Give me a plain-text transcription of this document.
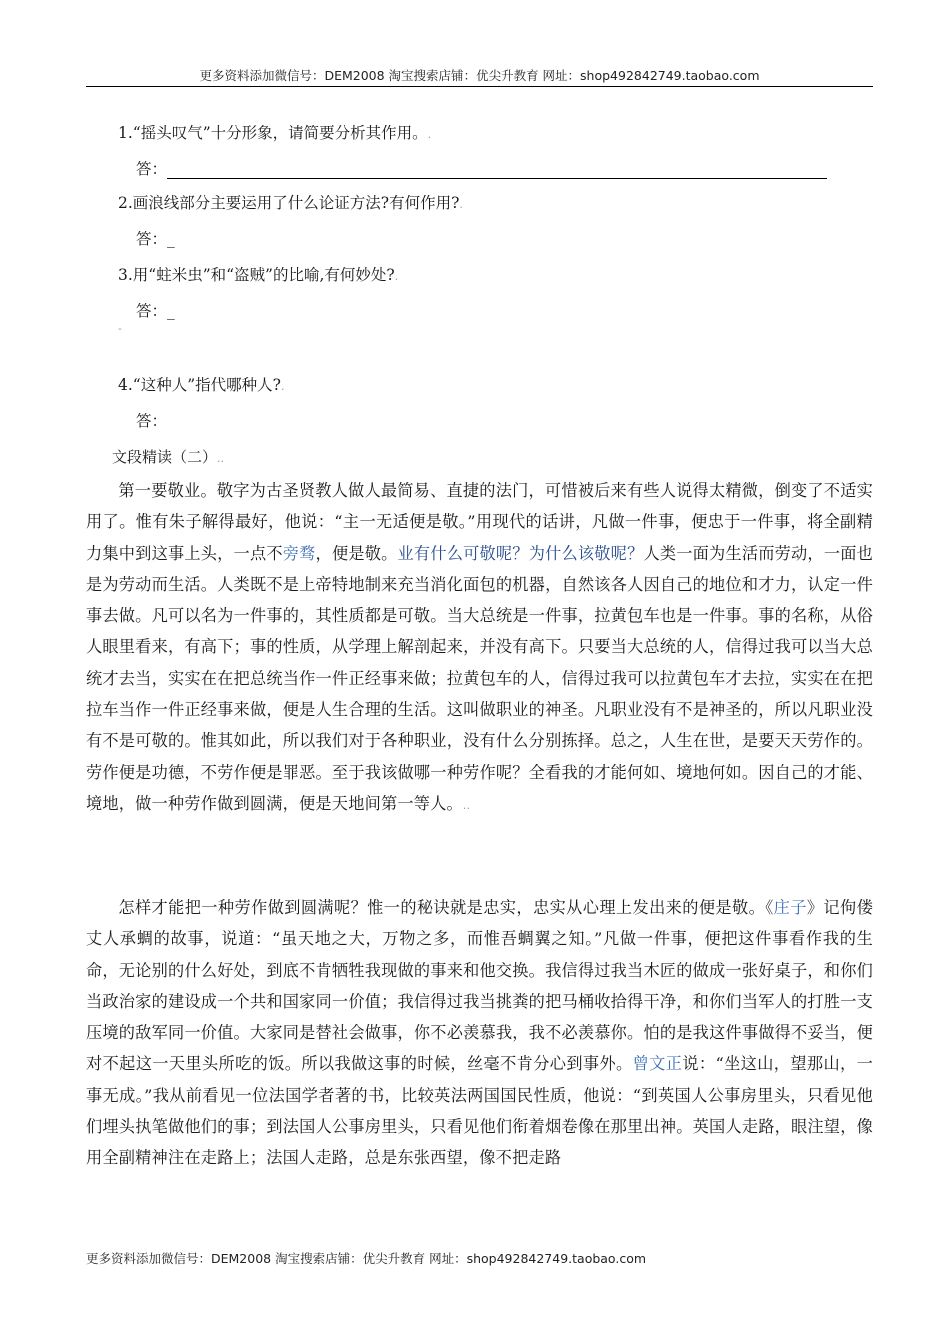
更多资料添加微信号：DEM2008 淘宝搜索店铺：优尖升教育 网址：shop492842749.taobao.com
1.“摇头叹气”十分形象，请简要分析其作用。.
答：
2.画浪线部分主要运用了什么论证方法?有何作用?.
答：_
3.用“蛀米虫”和“盗贼”的比喻,有何妙处?.
答：_
-
4.“这种人”指代哪种人?.
答：
文段精读（二）..
第一要敬业。敬字为古圣贤教人做人最简易、直捷的法门，可惜被后来有些人说得太精微，倒变了不适实用了。惟有朱子解得最好，他说：“主一无适便是敬。”用现代的话讲，凡做一件事，便忠于一件事，将全副精力集中到这事上头，一点不旁骛，便是敬。业有什么可敬呢？为什么该敬呢？人类一面为生活而劳动，一面也是为劳动而生活。人类既不是上帝特地制来充当消化面包的机器，自然该各人因自己的地位和才力，认定一件事去做。凡可以名为一件事的，其性质都是可敬。当大总统是一件事，拉黄包车也是一件事。事的名称，从俗人眼里看来，有高下；事的性质，从学理上解剖起来，并没有高下。只要当大总统的人，信得过我可以当大总统才去当，实实在在把总统当作一件正经事来做；拉黄包车的人，信得过我可以拉黄包车才去拉，实实在在把拉车当作一件正经事来做，便是人生合理的生活。这叫做职业的神圣。凡职业没有不是神圣的，所以凡职业没有不是可敬的。惟其如此，所以我们对于各种职业，没有什么分别拣择。总之，人生在世，是要天天劳作的。劳作便是功德，不劳作便是罪恶。至于我该做哪一种劳作呢？全看我的才能何如、境地何如。因自己的才能、境地，做一种劳作做到圆满，便是天地间第一等人。..
怎样才能把一种劳作做到圆满呢？惟一的秘诀就是忠实，忠实从心理上发出来的便是敬。《庄子》记佝偻丈人承蜩的故事，说道：“虽天地之大，万物之多，而惟吾蜩翼之知。”凡做一件事，便把这件事看作我的生命，无论别的什么好处，到底不肯牺牲我现做的事来和他交换。我信得过我当木匠的做成一张好桌子，和你们当政治家的建设成一个共和国家同一价值；我信得过我当挑粪的把马桶收拾得干净，和你们当军人的打胜一支压境的敌军同一价值。大家同是替社会做事，你不必羡慕我，我不必羡慕你。怕的是我这件事做得不妥当，便对不起这一天里头所吃的饭。所以我做这事的时候，丝毫不肯分心到事外。曾文正说：“坐这山，望那山，一事无成。”我从前看见一位法国学者著的书，比较英法两国国民性质，他说：“到英国人公事房里头，只看见他们埋头执笔做他们的事；到法国人公事房里头，只看见他们衔着烟卷像在那里出神。英国人走路，眼注望，像用全副精神注在走路上；法国人走路，总是东张西望，像不把走路
更多资料添加微信号：DEM2008 淘宝搜索店铺：优尖升教育 网址：shop492842749.taobao.com
